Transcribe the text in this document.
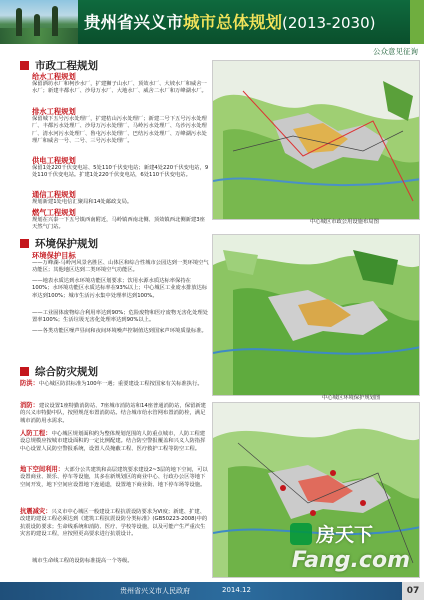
贵州省兴义市城市总体规划(2013-2030)
公众意见征询
市政工程规划
给水工程规划
保留洒坊水厂和柯沙水厂，扩建狮子山水厂、顶效水厂、大坡水厂和威舍一水厂；新建丰都水厂、沙母万水厂、大地水厂、威舍二水厂和万峰湖水厂。
排水工程规划
保留城下五号污水处理厂，扩建桔山污水处理厂；新建二号下五号污水处理厂、丰都污水处理厂、沙母万污水处理厂、马岭污水处理厂、乌沙污水处理厂、清水河污水处理厂、鲁屯污水处理厂、巴结污水处理厂、万峰湖污水处理厂和威舍一号、二号、三号污水处理厂。
供电工程规划
保留1处220千伏变电站、5处110千伏变电站；新建4处220千伏变电站，9处110千伏变电站。扩建1处220千伏变电站，6处110千伏变电站。
通信工程规划
规划新建1处电信汇聚局和14处邮政支局。
燃气工程规划
规划在兴泰一下五号镇西南附近，马岭镇西南北侧、顶效镇西北侧新建3座天然气门站。
中心城区市政公用设施布局图
环境保护规划
环境保护目标
——万峰湖-马岭河风景名胜区、山体区和综合性城市公园达到一类环境空气功能区；其他地区达到二类环境空气功能区。
——地表水质达到水环境功能区划要求；饮用水源水质达标率保持在100%；水环境功能区水质达标率在93%以上；中心城区工业废水排放达标率达到100%；城市生活污水集中处理率达到100%。
——工业固体废物综合利用率达到90%；危险废物和医疗废物无害化处理处置率100%；生活垃圾无害化处理率达到90%以上。
——各类功能区噪声昼间和夜间环境噪声控制值达到国家声环境质量标准。
中心城区环境保护规划图
综合防灾规划
防洪：中心城区防洪标准为100年一遇；重要建设工程按国家有关标准执行。
消防：建议设置1座特勤消防站、7座城市消防站和14座普通消防站，保留新建的兴义市特勤中队，按照规范布置消防站。结合城市给水管网布置消防栓，满足城市消防用水需求。
人防工程：中心城区规划面积约为整体规划范围的人防重点城市，人防工程建设总规模应按城市建设面积的一定比例配建。结合防空警报覆盖和兴义人防指挥中心设置人民防空警报系统，设置人员掩蔽工程、医疗救护工程等防空工程。
地下空间利用：大部分公共建筑和高层建筑要求建设2~3层的地下空间，可以设置商业、娱乐、停车等设施，其多在新规划区的商业中心、行政办公区等地下空间开发，地下空间应设置地下连通道，设置地下商业街、地下停车场等设施。
抗震减灾：兴义市中心城区一般建设工程抗震设防要求为VI度；新建、扩建、改建的建设工程必须达到《建筑工程抗震设防分类标准》(GB50223-2008)中的抗震设防要求；生命线系统和消防、医疗、学校等设施，以及可能产生严重次生灾害的建设工程，应按照更高要求进行抗震设计。
城市生命线工程的设防标准提高一个等级。
房天下
Fang.com
贵州省兴义市人民政府	2014.12	07
